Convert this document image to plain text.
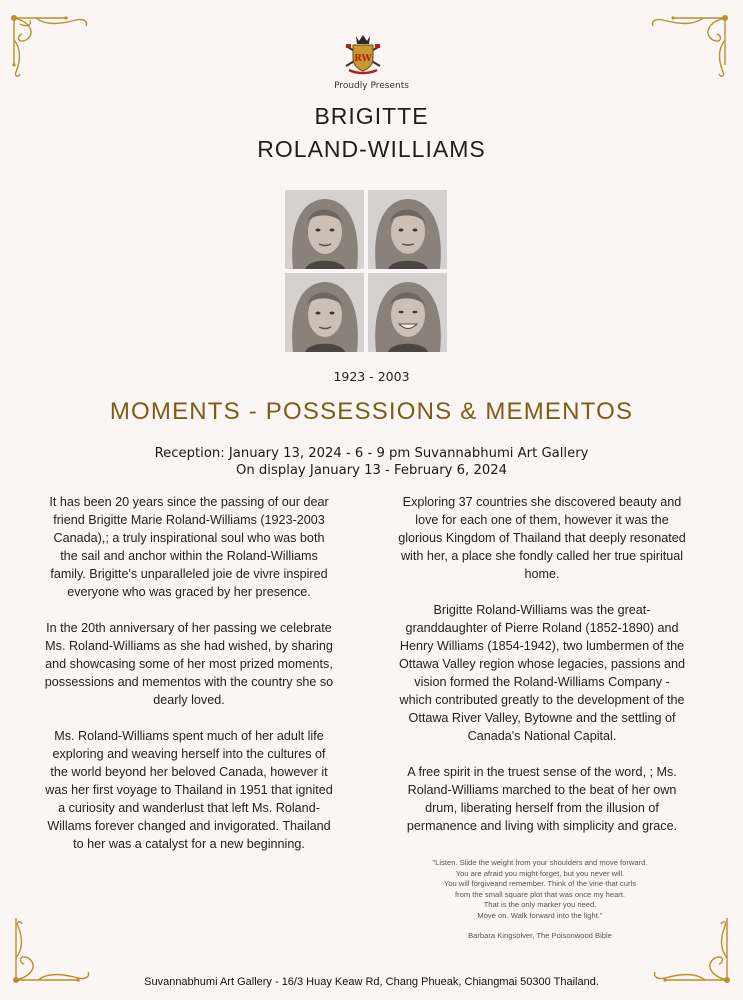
RW
Proudly Presents
BRIGITTE
ROLAND-WILLIAMS
1923 - 2003
MOMENTS - POSSESSIONS & MEMENTOS
Reception: January 13, 2024 - 6 - 9 pm Suvannabhumi Art Gallery
On display January 13 - February 6, 2024

It has been 20 years since the passing of our dear friend Brigitte Marie Roland-Williams (1923-2003 Canada),; a truly inspirational soul who was both the sail and anchor within the Roland-Williams family. Brigitte's unparalleled joie de vivre inspired everyone who was graced by her presence.

In the 20th anniversary of her passing we celebrate Ms. Roland-Williams as she had wished, by sharing and showcasing some of her most prized moments, possessions and mementos with the country she so dearly loved.

Ms. Roland-Williams spent much of her adult life exploring and weaving herself into the cultures of the world beyond her beloved Canada, however it was her first voyage to Thailand in 1951 that ignited a curiosity and wanderlust that left Ms. Roland-Willams forever changed and invigorated. Thailand to her was a catalyst for a new beginning.

Exploring 37 countries she discovered beauty and love for each one of them, however it was the glorious Kingdom of Thailand that deeply resonated with her, a place she fondly called her true spiritual home.

Brigitte Roland-Williams was the great-granddaughter of Pierre Roland (1852-1890) and Henry Williams (1854-1942), two lumbermen of the Ottawa Valley region whose legacies, passions and vision formed the Roland-Williams Company - which contributed greatly to the development of the Ottawa River Valley, Bytowne and the settling of Canada's National Capital.

A free spirit in the truest sense of the word, ; Ms. Roland-Williams marched to the beat of her own drum, liberating herself from the illusion of permanence and living with simplicity and grace.

"Listen. Slide the weight from your shoulders and move forward.
You are afraid you might forget, but you never will.
You will forgiveand remember. Think of the vine that curls
from the small square plot that was once my heart.
That is the only marker you need.
Move on. Walk forward into the light."
Barbara Kingsolver, The Poisonwood Bible
Suvannabhumi Art Gallery - 16/3 Huay Keaw Rd, Chang Phueak, Chiangmai 50300 Thailand.
